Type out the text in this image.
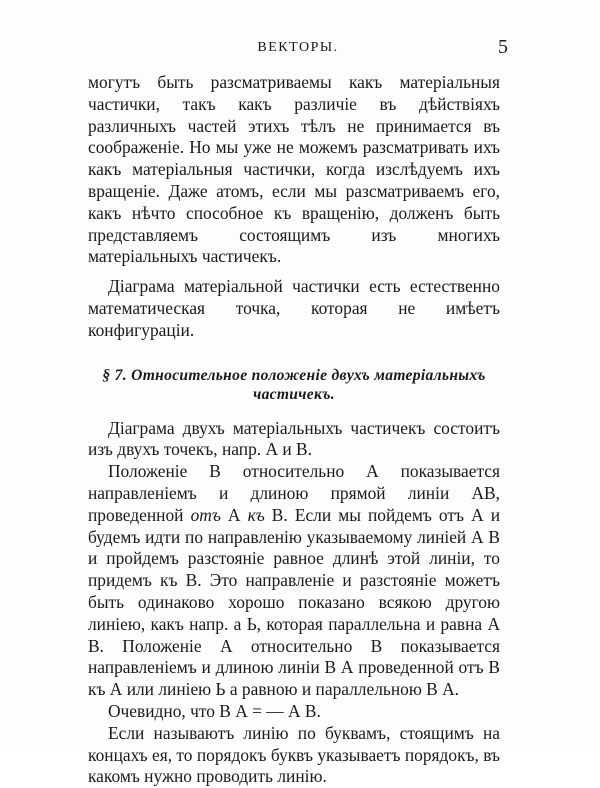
ВЕКТОРЫ.	5

могутъ быть разсматриваемы какъ матеріальныя частички, такъ какъ различіе въ дѣйствіяхъ различныхъ частей этихъ тѣлъ не принимается въ соображеніе. Но мы уже не можемъ разсматривать ихъ какъ матеріальныя частички, когда изслѣдуемъ ихъ вращеніе. Даже атомъ, если мы разсматриваемъ его, какъ нѣчто способное къ вращенію, долженъ быть представляемъ состоящимъ изъ многихъ матеріальныхъ частичекъ.

Діаграма матеріальной частички есть естественно математическая точка, которая не имѣетъ конфигураціи.

§ 7. Относительное положеніе двухъ матеріальныхъ частичекъ.

Діаграма двухъ матеріальныхъ частичекъ состоитъ изъ двухъ точекъ, напр. А и В.

Положеніе В относительно А показывается направленіемъ и длиною прямой линіи АВ, проведенной отъ А къ В. Если мы пойдемъ отъ А и будемъ идти по направленію указываемому линіей А В и пройдемъ разстояніе равное длинѣ этой линіи, то придемъ къ В. Это направленіе и разстояніе можетъ быть одинаково хорошо показано всякою другою линіею, какъ напр. а Ь, которая параллельна и равна А В. Положеніе А относительно В показывается направленіемъ и длиною линіи В А проведенной отъ В къ А или линіею Ь а равною и параллельною В А.

Очевидно, что В А = — А В.

Если называютъ линію по буквамъ, стоящимъ на концахъ ея, то порядокъ буквъ указываетъ порядокъ, въ какомъ нужно проводить линію.
